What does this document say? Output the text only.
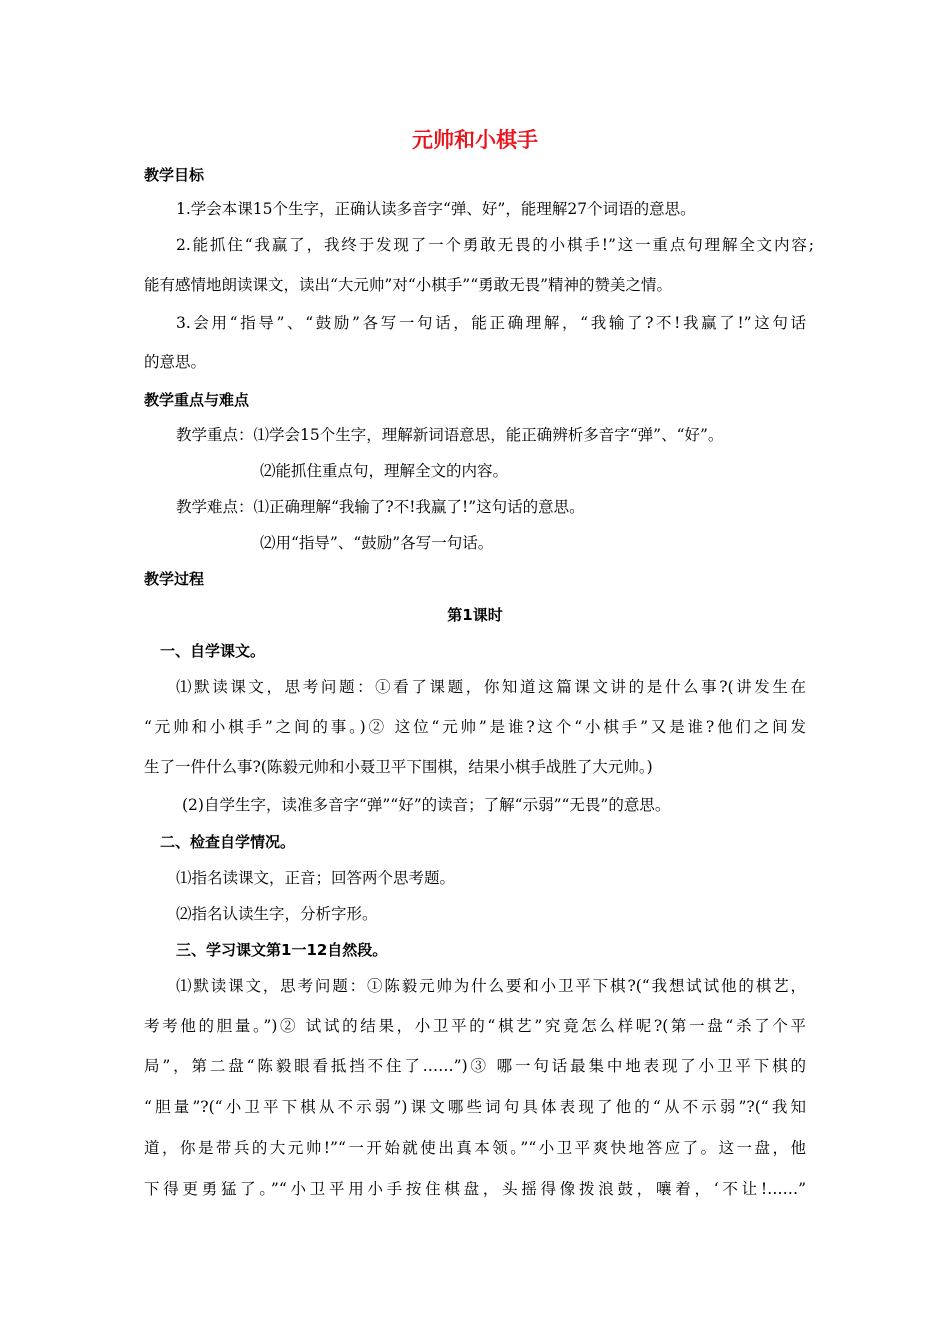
元帅和小棋手
教学目标
1.学会本课15个生字，正确认读多音字“弹、好”，能理解27个词语的意思。
2.能抓住“我赢了，我终于发现了一个勇敢无畏的小棋手!”这一重点句理解全文内容;
能有感情地朗读课文，读出“大元帅”对“小棋手”“勇敢无畏”精神的赞美之情。
3.会用“指导”、“鼓励”各写一句话，能正确理解，“我输了?不!我赢了!”这句话
的意思。
教学重点与难点
教学重点：⑴学会15个生字，理解新词语意思，能正确辨析多音字“弹”、“好”。
⑵能抓住重点句，理解全文的内容。
教学难点：⑴正确理解“我输了?不!我赢了!”这句话的意思。
⑵用“指导”、“鼓励”各写一句话。
教学过程
第1课时
一、自学课文。
⑴默读课文，思考问题：①看了课题，你知道这篇课文讲的是什么事?(讲发生在
“元帅和小棋手”之间的事。)② 这位“元帅”是谁?这个“小棋手”又是谁?他们之间发
生了一件什么事?(陈毅元帅和小聂卫平下围棋，结果小棋手战胜了大元帅。)
(2)自学生字，读准多音字“弹”“好”的读音；了解“示弱”“无畏”的意思。
二、检查自学情况。
⑴指名读课文，正音；回答两个思考题。
⑵指名认读生字，分析字形。
三、学习课文第1一12自然段。
⑴默读课文，思考问题：①陈毅元帅为什么要和小卫平下棋?(“我想试试他的棋艺，
考考他的胆量。”)② 试试的结果，小卫平的“棋艺”究竟怎么样呢?(第一盘“杀了个平
局”，第二盘“陈毅眼看抵挡不住了……”)③ 哪一句话最集中地表现了小卫平下棋的
“胆量”?(“小卫平下棋从不示弱”)课文哪些词句具体表现了他的“从不示弱”?(“我知
道，你是带兵的大元帅!”“一开始就使出真本领。”“小卫平爽快地答应了。这一盘，他
下得更勇猛了。”“小卫平用小手按住棋盘，头摇得像拨浪鼓，嚷着，‘不让!……”
